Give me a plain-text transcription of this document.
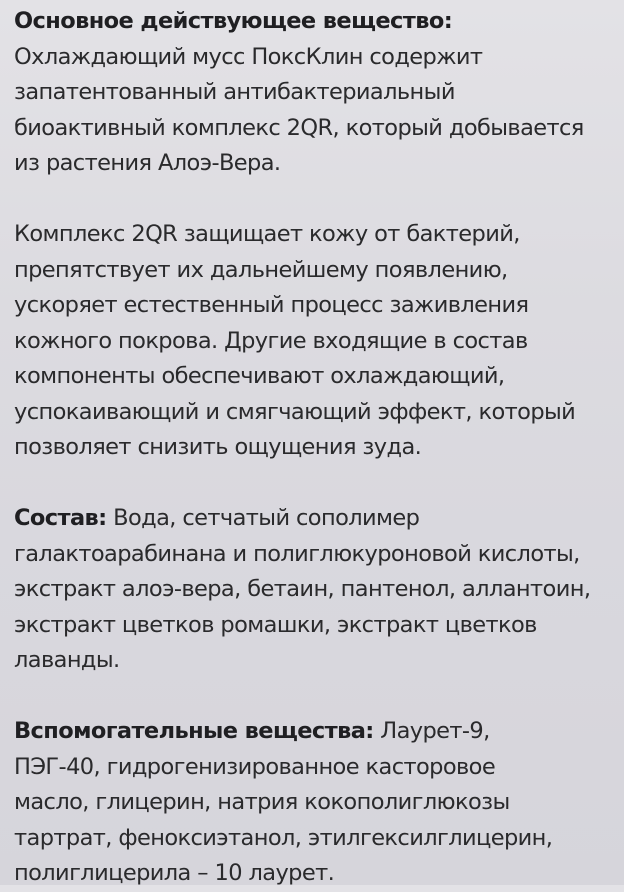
Основное действующее вещество:
Охлаждающий мусс ПоксКлин содержит
запатентованный антибактериальный
биоактивный комплекс 2QR, который добывается
из растения Алоэ-Вера.

Комплекс 2QR защищает кожу от бактерий,
препятствует их дальнейшему появлению,
ускоряет естественный процесс заживления
кожного покрова. Другие входящие в состав
компоненты обеспечивают охлаждающий,
успокаивающий и смягчающий эффект, который
позволяет снизить ощущения зуда.

Состав: Вода, сетчатый сополимер
галактоарабинана и полиглюкуроновой кислоты,
экстракт алоэ-вера, бетаин, пантенол, аллантоин,
экстракт цветков ромашки, экстракт цветков
лаванды.

Вспомогательные вещества: Лаурет-9,
ПЭГ-40, гидрогенизированное касторовое
масло, глицерин, натрия кокополиглюкозы
тартрат, феноксиэтанол, этилгексилглицерин,
полиглицерила – 10 лаурет.
